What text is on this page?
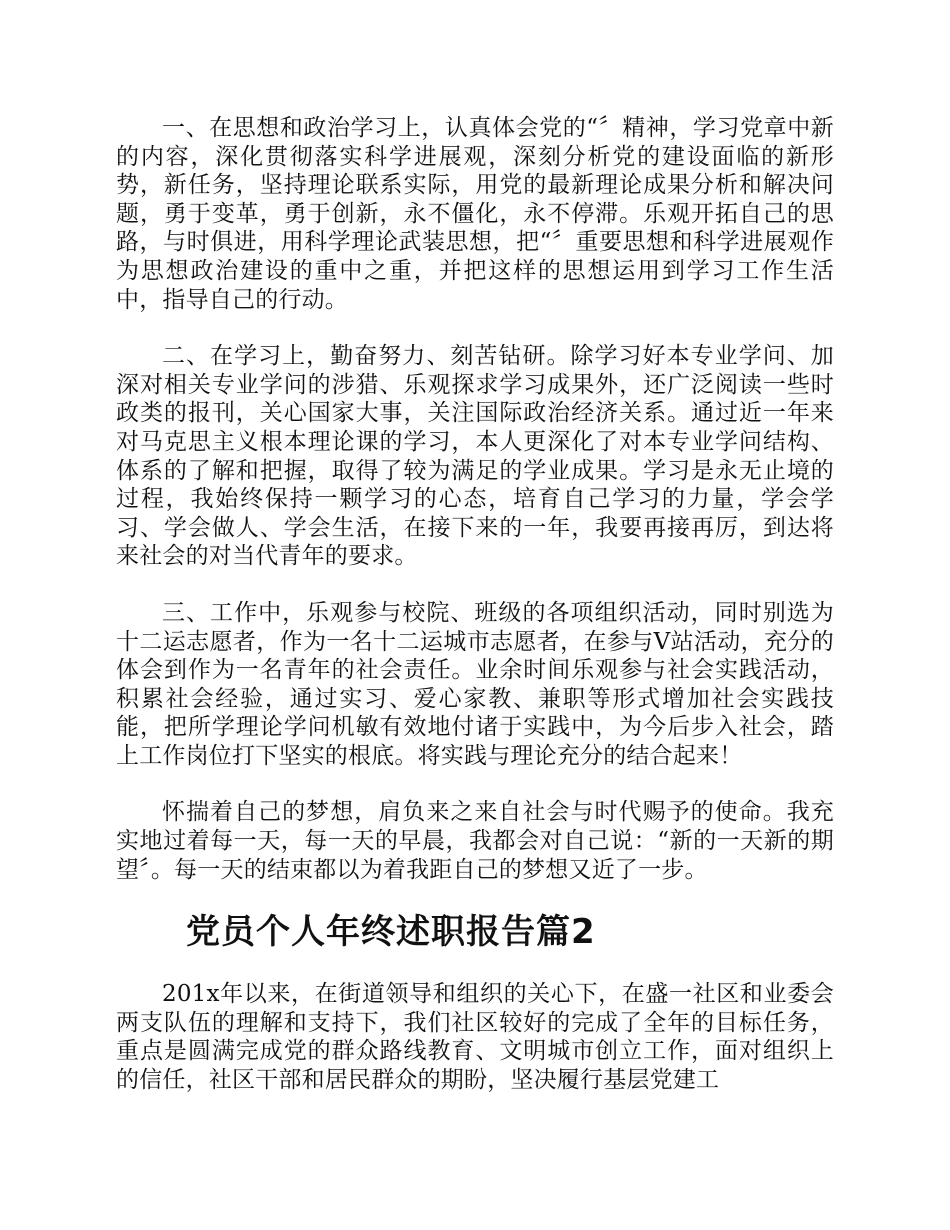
一、在思想和政治学习上，认真体会党的“〞精神，学习党章中新的内容，深化贯彻落实科学进展观，深刻分析党的建设面临的新形势，新任务，坚持理论联系实际，用党的最新理论成果分析和解决问题，勇于变革，勇于创新，永不僵化，永不停滞。乐观开拓自己的思路，与时俱进，用科学理论武装思想，把“〞重要思想和科学进展观作为思想政治建设的重中之重，并把这样的思想运用到学习工作生活中，指导自己的行动。

二、在学习上，勤奋努力、刻苦钻研。除学习好本专业学问、加深对相关专业学问的涉猎、乐观探求学习成果外，还广泛阅读一些时政类的报刊，关心国家大事，关注国际政治经济关系。通过近一年来对马克思主义根本理论课的学习，本人更深化了对本专业学问结构、体系的了解和把握，取得了较为满足的学业成果。学习是永无止境的过程，我始终保持一颗学习的心态，培育自己学习的力量，学会学习、学会做人、学会生活，在接下来的一年，我要再接再厉，到达将来社会的对当代青年的要求。

三、工作中，乐观参与校院、班级的各项组织活动，同时别选为十二运志愿者，作为一名十二运城市志愿者，在参与V站活动，充分的体会到作为一名青年的社会责任。业余时间乐观参与社会实践活动，积累社会经验，通过实习、爱心家教、兼职等形式增加社会实践技能，把所学理论学问机敏有效地付诸于实践中，为今后步入社会，踏上工作岗位打下坚实的根底。将实践与理论充分的结合起来！

怀揣着自己的梦想，肩负来之来自社会与时代赐予的使命。我充实地过着每一天，每一天的早晨，我都会对自己说：“新的一天新的期望〞。每一天的结束都以为着我距自己的梦想又近了一步。

党员个人年终述职报告篇2

201x年以来，在街道领导和组织的关心下，在盛一社区和业委会两支队伍的理解和支持下，我们社区较好的完成了全年的目标任务，重点是圆满完成党的群众路线教育、文明城市创立工作，面对组织上的信任，社区干部和居民群众的期盼，坚决履行基层党建工
